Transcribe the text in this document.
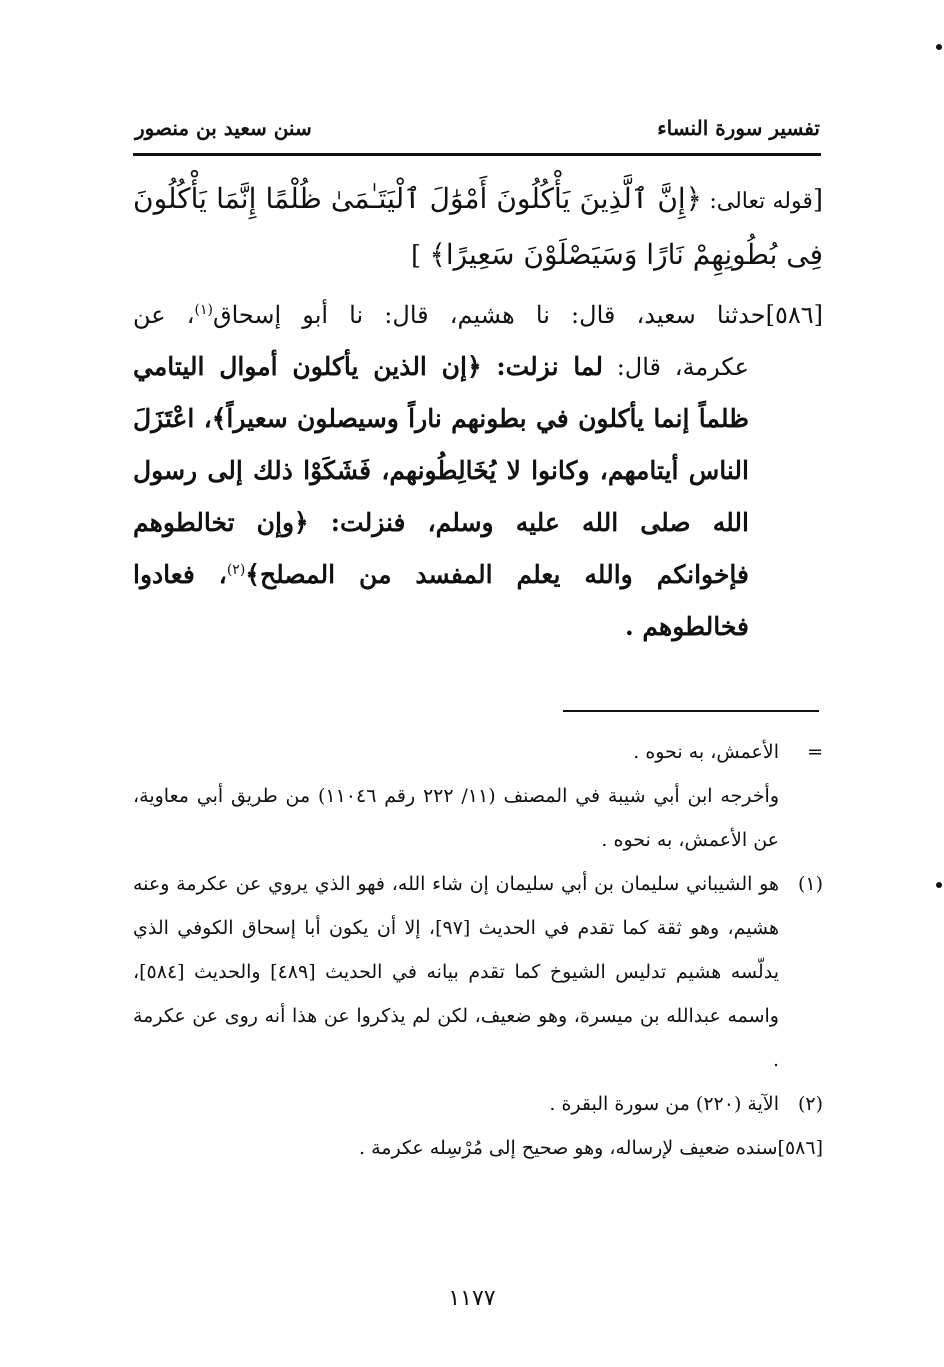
تفسير سورة النساء
سنن سعيد بن منصور
[قوله تعالى: ﴿إِنَّ ٱلَّذِينَ يَأْكُلُونَ أَمْوَٰلَ ٱلْيَتَـٰمَىٰ ظُلْمًا إِنَّمَا يَأْكُلُونَ فِى بُطُونِهِمْ نَارًا وَسَيَصْلَوْنَ سَعِيرًا﴾ ]
[٥٨٦]حدثنا سعيد، قال: نا هشيم، قال: نا أبو إسحاق$^{(١)}$، عن
عكرمة، قال: لما نزلت: ﴿إن الذين يأكلون أموال اليتامي ظلماً إنما يأكلون في بطونهم ناراً وسيصلون سعيراً﴾، اعْتَزَلَ الناس أيتامهم، وكانوا لا يُخَالِطُونهم، فَشَكَوْا ذلك إلى رسول الله صلى الله عليه وسلم، فنزلت: ﴿وإن تخالطوهم فإخوانكم والله يعلم المفسد من المصلح﴾$^{(٢)}$، فعادوا فخالطوهم .
=
الأعمش، به نحوه .
وأخرجه ابن أبي شيبة في المصنف (١١/ ٢٢٢ رقم ١١٠٤٦) من طريق أبي معاوية، عن الأعمش، به نحوه .
(١)
هو الشيباني سليمان بن أبي سليمان إن شاء الله، فهو الذي يروي عن عكرمة وعنه هشيم، وهو ثقة كما تقدم في الحديث [٩٧]، إلا أن يكون أبا إسحاق الكوفي الذي يدلّسه هشيم تدليس الشيوخ كما تقدم بيانه في الحديث [٤٨٩] والحديث [٥٨٤]، واسمه عبدالله بن ميسرة، وهو ضعيف، لكن لم يذكروا عن هذا أنه روى عن عكرمة .
(٢)
الآية (٢٢٠) من سورة البقرة .
[٥٨٦]سنده ضعيف لإرساله، وهو صحيح إلى مُرْسِله عكرمة .
١١٧٧
